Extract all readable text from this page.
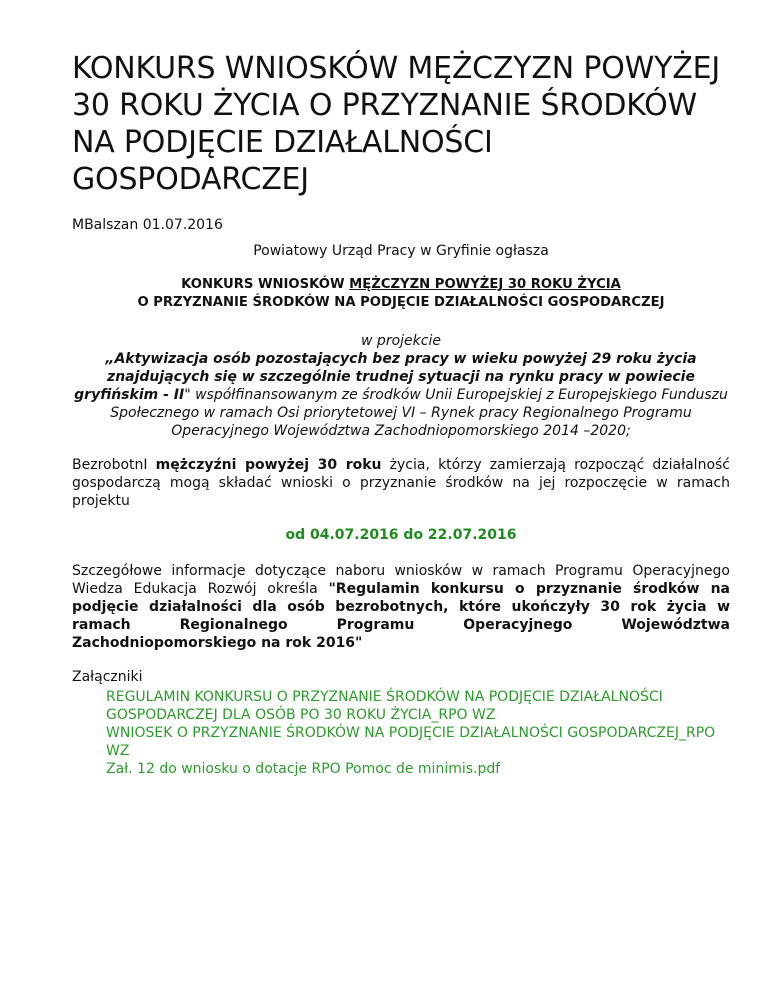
KONKURS WNIOSKÓW MĘŻCZYZN POWYŻEJ 30 ROKU ŻYCIA O PRZYZNANIE ŚRODKÓW NA PODJĘCIE DZIAŁALNOŚCI GOSPODARCZEJ

MBalszan 01.07.2016

Powiatowy Urząd Pracy w Gryfinie ogłasza

KONKURS WNIOSKÓW MĘŻCZYZN POWYŻEJ 30 ROKU ŻYCIA
O PRZYZNANIE ŚRODKÓW NA PODJĘCIE DZIAŁALNOŚCI GOSPODARCZEJ
w projekcie
„Aktywizacja osób pozostających bez pracy w wieku powyżej 29 roku życia znajdujących się w szczególnie trudnej sytuacji na rynku pracy w powiecie gryfińskim - II" współfinansowanym ze środków Unii Europejskiej z Europejskiego Funduszu Społecznego w ramach Osi priorytetowej VI – Rynek pracy Regionalnego Programu Operacyjnego Województwa Zachodniopomorskiego 2014 –2020;

BezrobotnI mężczyźni powyżej 30 roku życia, którzy zamierzają rozpocząć działalność gospodarczą mogą składać wnioski o przyznanie środków na jej rozpoczęcie w ramach projektu

od 04.07.2016 do 22.07.2016

Szczegółowe informacje dotyczące naboru wniosków w ramach Programu Operacyjnego Wiedza Edukacja Rozwój określa "Regulamin konkursu o przyznanie środków na podjęcie działalności dla osób bezrobotnych, które ukończyły 30 rok życia w ramach Regionalnego Programu Operacyjnego Województwa Zachodniopomorskiego na rok 2016"

Załączniki

REGULAMIN KONKURSU O PRZYZNANIE ŚRODKÓW NA PODJĘCIE DZIAŁALNOŚCI GOSPODARCZEJ DLA OSÓB PO 30 ROKU ŻYCIA_RPO WZ
WNIOSEK O PRZYZNANIE ŚRODKÓW NA PODJĘCIE DZIAŁALNOŚCI GOSPODARCZEJ_RPO WZ
Zał. 12 do wniosku o dotacje RPO Pomoc de minimis.pdf
